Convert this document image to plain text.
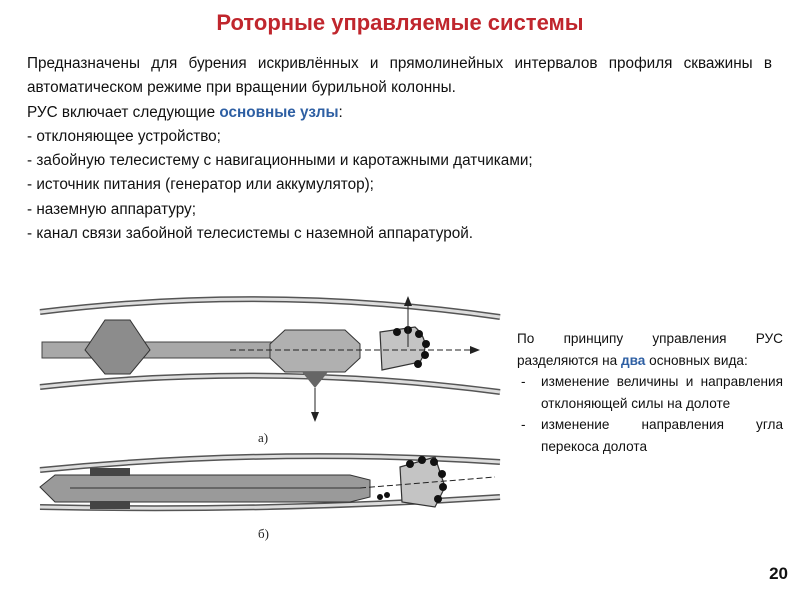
Роторные управляемые системы

Предназначены для бурения искривлённых и прямолинейных интервалов профиля скважины в автоматическом режиме при вращении бурильной колонны.

РУС включает следующие основные узлы:

- отклоняющее устройство;
- забойную телесистему с навигационными и каротажными датчиками;
- источник питания (генератор или аккумулятор);
- наземную аппаратуру;
- канал связи забойной телесистемы с наземной аппаратурой.
а)
б)

По принципу управления РУС разделяются на два основных вида:

- изменение величины и направления отклоняющей силы на долоте
- изменение направления угла перекоса долота
20
